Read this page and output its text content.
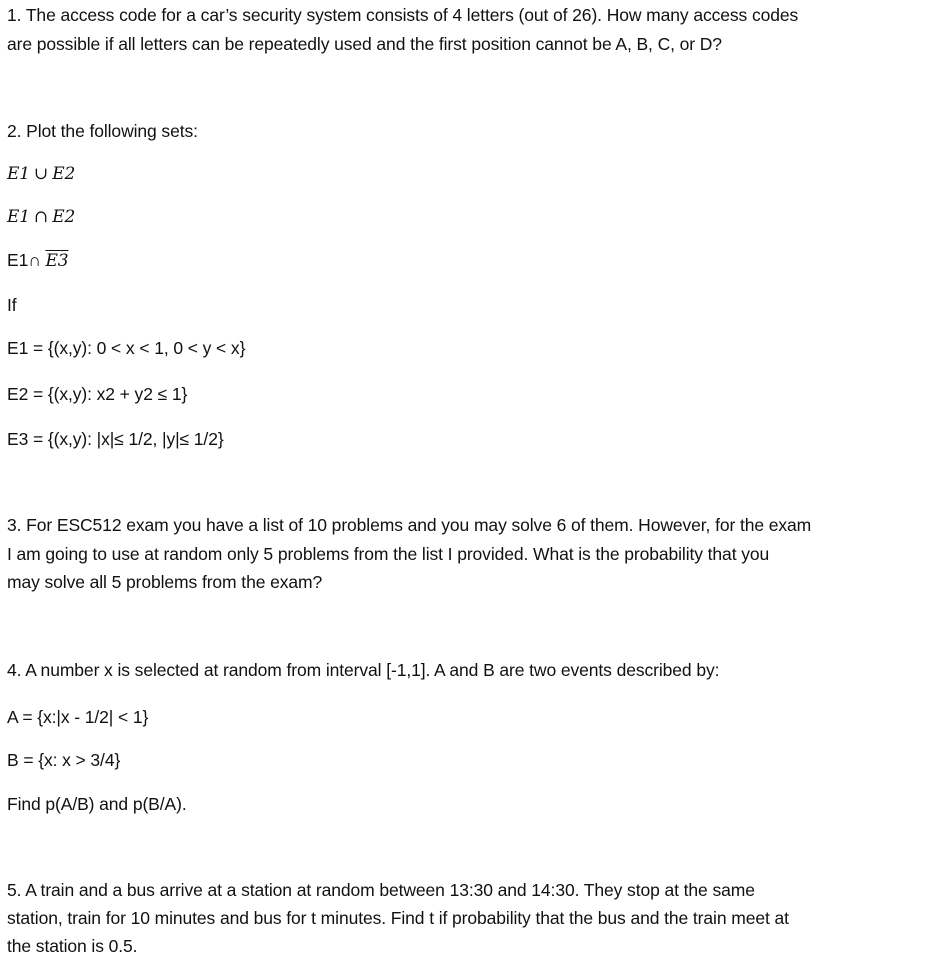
1. The access code for a car’s security system consists of 4 letters (out of 26). How many access codes
are possible if all letters can be repeatedly used and the first position cannot be A, B, C, or D?
2. Plot the following sets:
E1 ∪ E2
E1 ∩ E2
E1∩ E3
If
E1 = {(x,y): 0 < x < 1, 0 < y < x}
E2 = {(x,y): x2 + y2 ≤ 1}
E3 = {(x,y): |x|≤ 1/2, |y|≤ 1/2}
3. For ESC512 exam you have a list of 10 problems and you may solve 6 of them. However, for the exam
I am going to use at random only 5 problems from the list I provided. What is the probability that you
may solve all 5 problems from the exam?
4. A number x is selected at random from interval [-1,1]. A and B are two events described by:
A = {x:|x - 1/2| < 1}
B = {x: x > 3/4}
Find p(A/B) and p(B/A).
5. A train and a bus arrive at a station at random between 13:30 and 14:30. They stop at the same
station, train for 10 minutes and bus for t minutes. Find t if probability that the bus and the train meet at
the station is 0.5.
